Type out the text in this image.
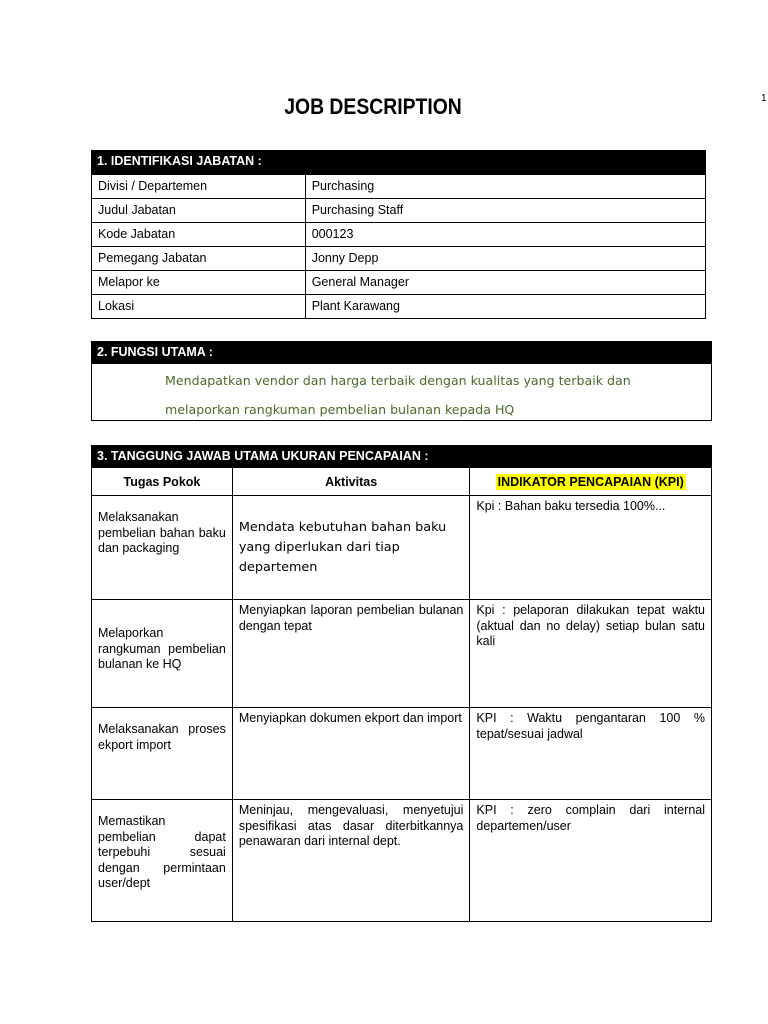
1
JOB DESCRIPTION
1. IDENTIFIKASI JABATAN :
Divisi / Departemen	Purchasing
Judul Jabatan	Purchasing Staff
Kode Jabatan	000123
Pemegang Jabatan	Jonny Depp
Melapor ke	General Manager
Lokasi	Plant Karawang
2. FUNGSI UTAMA :
Mendapatkan vendor dan harga terbaik dengan kualitas yang terbaik dan melaporkan rangkuman pembelian bulanan kepada HQ
3. TANGGUNG JAWAB UTAMA UKURAN PENCAPAIAN :
Tugas Pokok	Aktivitas	INDIKATOR PENCAPAIAN (KPI)
Melaksanakan pembelian bahan baku dan packaging	Mendata kebutuhan bahan baku yang diperlukan dari tiap departemen	Kpi : Bahan baku tersedia 100%...
Melaporkan rangkuman pembelian bulanan ke HQ	Menyiapkan laporan pembelian bulanan dengan tepat	Kpi : pelaporan dilakukan tepat waktu (aktual dan no delay) setiap bulan satu kali
Melaksanakan proses ekport import	Menyiapkan dokumen ekport dan import	KPI : Waktu pengantaran 100 % tepat/sesuai jadwal
Memastikan pembelian dapat terpebuhi sesuai dengan permintaan user/dept	Meninjau, mengevaluasi, menyetujui spesifikasi atas dasar diterbitkannya penawaran dari internal dept.	KPI : zero complain dari internal departemen/user
